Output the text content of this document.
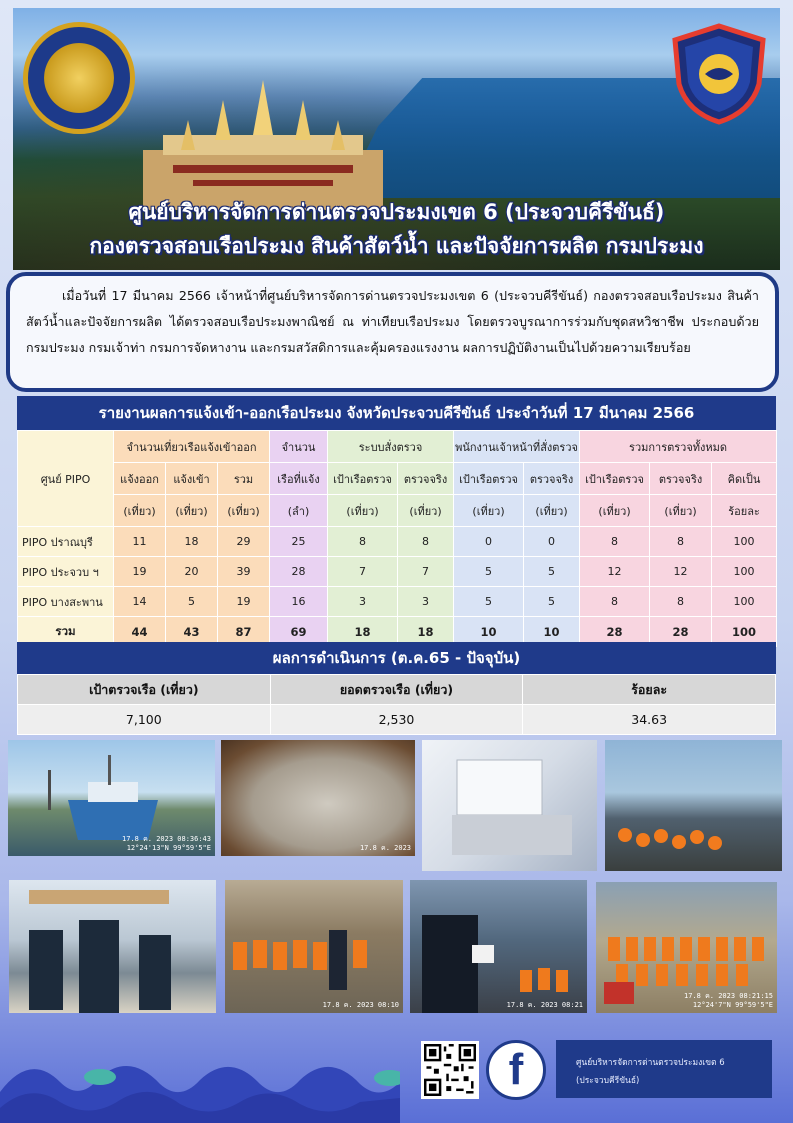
ศูนย์บริหารจัดการด่านตรวจประมงเขต 6 (ประจวบคีรีขันธ์)
กองตรวจสอบเรือประมง สินค้าสัตว์น้ำ และปัจจัยการผลิต กรมประมง

เมื่อวันที่ 17 มีนาคม 2566 เจ้าหน้าที่ศูนย์บริหารจัดการด่านตรวจประมงเขต 6 (ประจวบคีรีขันธ์) กองตรวจสอบเรือประมง สินค้าสัตว์น้ำและปัจจัยการผลิต ได้ตรวจสอบเรือประมงพาณิชย์ ณ ท่าเทียบเรือประมง โดยตรวจบูรณาการร่วมกับชุดสหวิชาชีพ ประกอบด้วย กรมประมง กรมเจ้าท่า กรมการจัดหางาน และกรมสวัสดิการและคุ้มครองแรงงาน ผลการปฏิบัติงานเป็นไปด้วยความเรียบร้อย

รายงานผลการแจ้งเข้า-ออกเรือประมง จังหวัดประจวบคีรีขันธ์ ประจำวันที่ 17 มีนาคม 2566
ศูนย์ PIPO	จำนวนเที่ยวเรือแจ้งเข้าออก			จำนวน	ระบบสั่งตรวจ		พนักงานเจ้าหน้าที่สั่งตรวจ		รวมการตรวจทั้งหมด		
	แจ้งออก	แจ้งเข้า	รวม	เรือที่แจ้ง	เป้าเรือตรวจ	ตรวจจริง	เป้าเรือตรวจ	ตรวจจริง	เป้าเรือตรวจ	ตรวจจริง	คิดเป็น
	(เที่ยว)	(เที่ยว)	(เที่ยว)	(ลำ)	(เที่ยว)	(เที่ยว)	(เที่ยว)	(เที่ยว)	(เที่ยว)	(เที่ยว)	ร้อยละ
PIPO ปราณบุรี	11	18	29	25	8	8	0	0	8	8	100
PIPO ประจวบ ฯ	19	20	39	28	7	7	5	5	12	12	100
PIPO บางสะพาน	14	5	19	16	3	3	5	5	8	8	100
รวม	44	43	87	69	18	18	10	10	28	28	100
ผลการดำเนินการ (ต.ค.65 - ปัจจุบัน)
เป้าตรวจเรือ (เที่ยว)	ยอดตรวจเรือ (เที่ยว)	ร้อยละ
7,100	2,530	34.63
17.8 ค. 2023 08:36:43
12°24'13"N 99°59'5"E	17.8 ค. 2023
17.8 ค. 2023 08:10	17.8 ค. 2023 08:21
17.8 ค. 2023 08:21:15
12°24'7"N 99°59'5"E
f	ศูนย์บริหารจัดการด่านตรวจประมงเขต 6
(ประจวบคีรีขันธ์)
